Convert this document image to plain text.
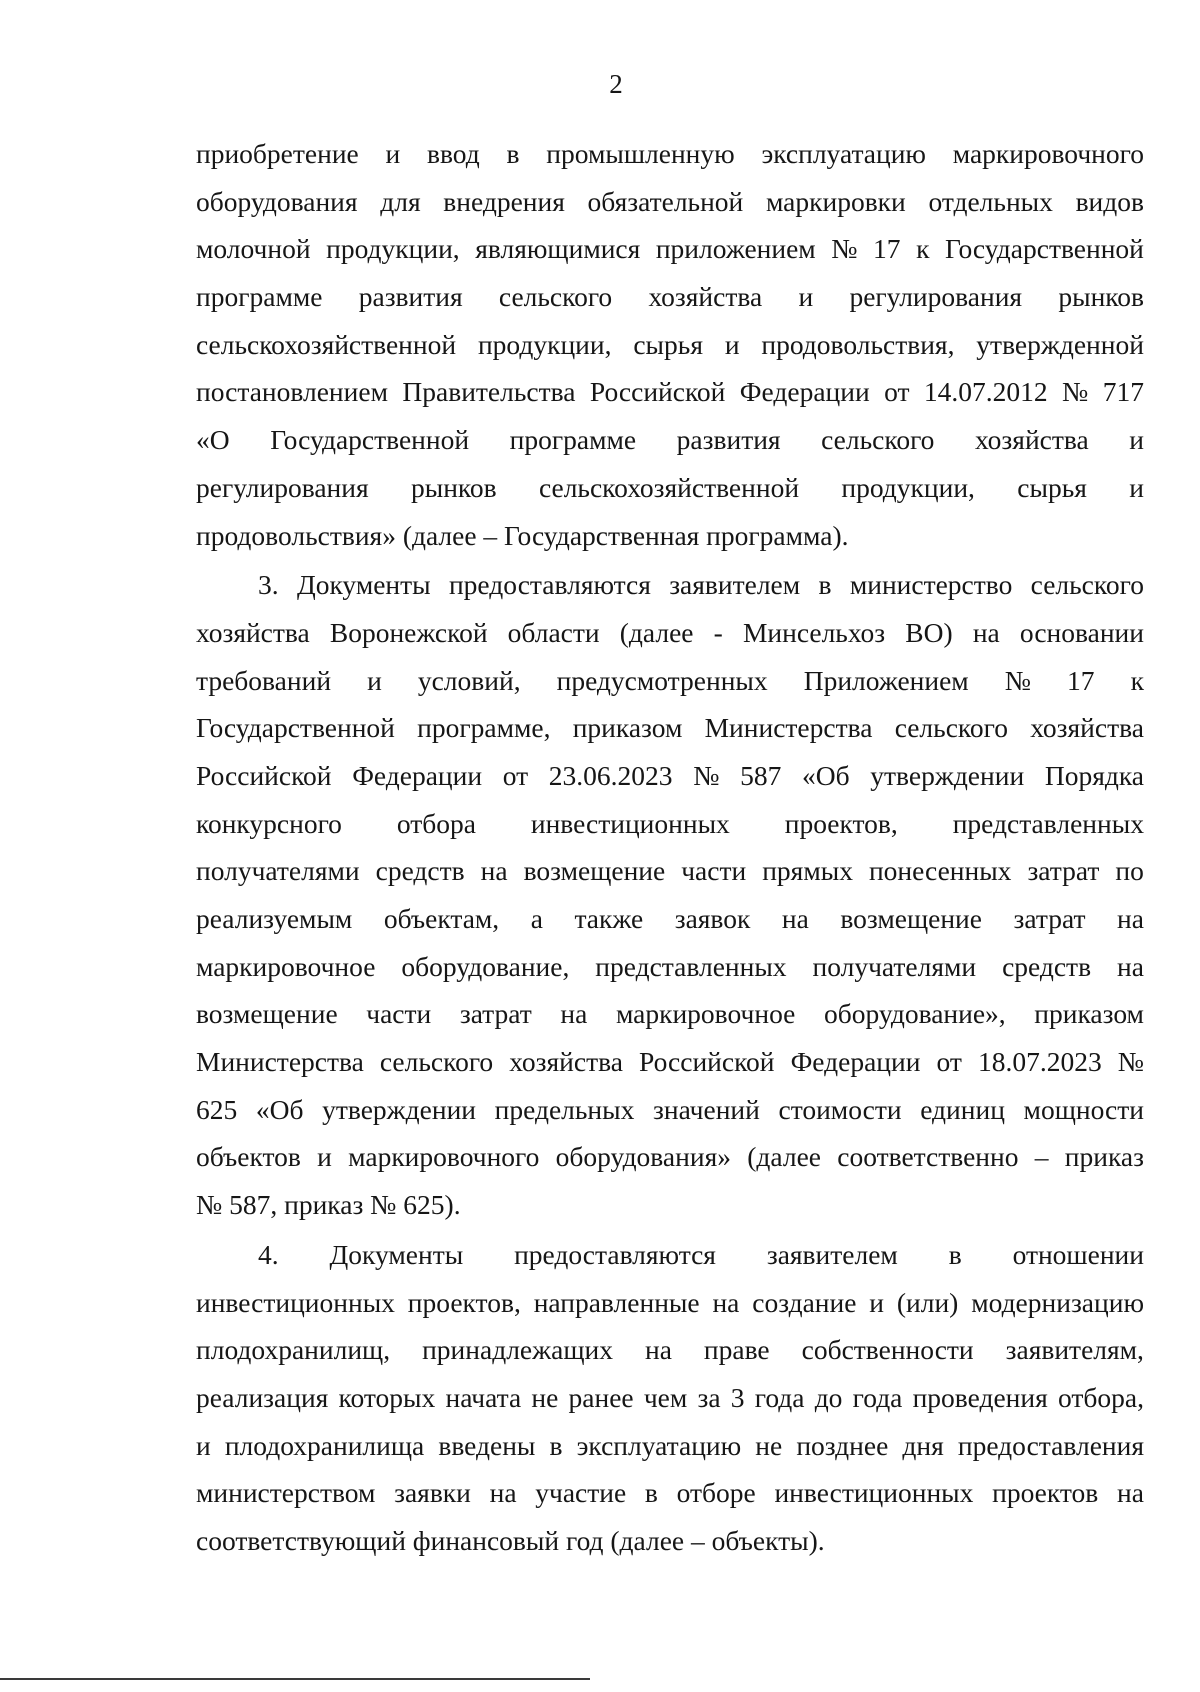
2
приобретение и ввод в промышленную эксплуатацию маркировочного
оборудования для внедрения обязательной маркировки отдельных видов
молочной продукции, являющимися приложением № 17 к Государственной
программе развития сельского хозяйства и регулирования рынков
сельскохозяйственной продукции, сырья и продовольствия, утвержденной
постановлением Правительства Российской Федерации от 14.07.2012 № 717
«О Государственной программе развития сельского хозяйства и
регулирования рынков сельскохозяйственной продукции, сырья и
продовольствия» (далее – Государственная программа).
3. Документы предоставляются заявителем в министерство сельского
хозяйства Воронежской области (далее - Минсельхоз ВО) на основании
требований и условий, предусмотренных Приложением № 17 к
Государственной программе, приказом Министерства сельского хозяйства
Российской Федерации от 23.06.2023 № 587 «Об утверждении Порядка
конкурсного отбора инвестиционных проектов, представленных
получателями средств на возмещение части прямых понесенных затрат по
реализуемым объектам, а также заявок на возмещение затрат на
маркировочное оборудование, представленных получателями средств на
возмещение части затрат на маркировочное оборудование», приказом
Министерства сельского хозяйства Российской Федерации от 18.07.2023 №
625 «Об утверждении предельных значений стоимости единиц мощности
объектов и маркировочного оборудования» (далее соответственно – приказ
№ 587, приказ № 625).
4. Документы предоставляются заявителем в отношении
инвестиционных проектов, направленные на создание и (или) модернизацию
плодохранилищ, принадлежащих на праве собственности заявителям,
реализация которых начата не ранее чем за 3 года до года проведения отбора,
и плодохранилища введены в эксплуатацию не позднее дня предоставления
министерством заявки на участие в отборе инвестиционных проектов на
соответствующий финансовый год (далее – объекты).
